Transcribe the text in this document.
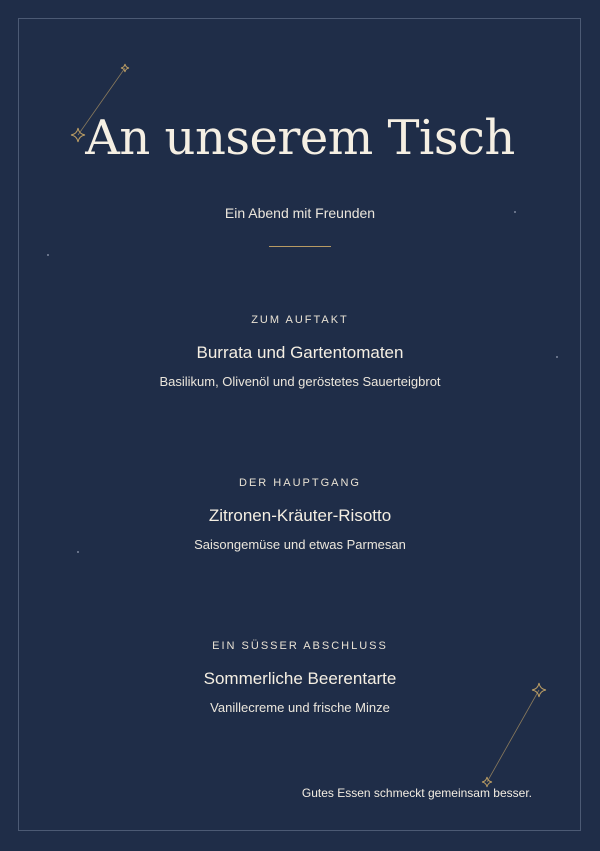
An unserem Tisch
Ein Abend mit Freunden
ZUM AUFTAKT
Burrata und Gartentomaten
Basilikum, Olivenöl und geröstetes Sauerteigbrot
DER HAUPTGANG
Zitronen-Kräuter-Risotto
Saisongemüse und etwas Parmesan
EIN SÜSSER ABSCHLUSS
Sommerliche Beerentarte
Vanillecreme und frische Minze
Gutes Essen schmeckt gemeinsam besser.
